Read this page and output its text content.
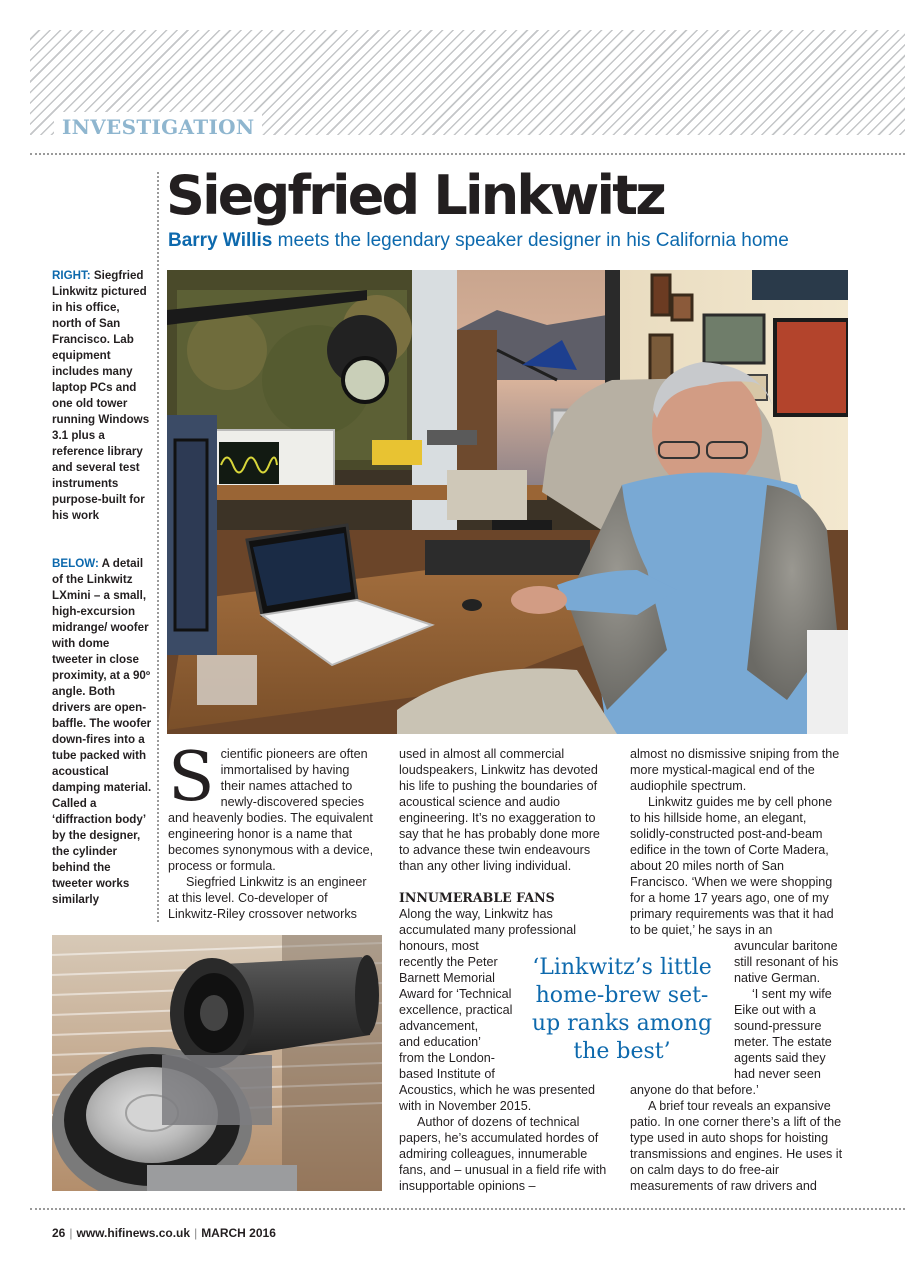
INVESTIGATION
Siegfried Linkwitz
Barry Willis meets the legendary speaker designer in his California home
RIGHT: Siegfried Linkwitz pictured in his office, north of San Francisco. Lab equipment includes many laptop PCs and one old tower running Windows 3.1 plus a reference library and several test instruments purpose-built for his work
BELOW: A detail of the Linkwitz LXmini – a small, high-excursion midrange/ woofer with dome tweeter in close proximity, at a 90º angle. Both drivers are open-baffle. The woofer down-fires into a tube packed with acoustical damping material. Called a ‘diffraction body’ by the designer, the cylinder behind the tweeter works similarly
S cientific pioneers are often immortalised by having their names attached to newly-discovered species and heavenly bodies. The equivalent engineering honor is a name that becomes synonymous with a device, process or formula.

Siegfried Linkwitz is an engineer at this level. Co-developer of Linkwitz-Riley crossover networks

used in almost all commercial loudspeakers, Linkwitz has devoted his life to pushing the boundaries of acoustical science and audio engineering. It’s no exaggeration to say that he has probably done more to advance these twin endeavours than any other living individual.

INNUMERABLE FANS

Along the way, Linkwitz has accumulated many professional

honours, most
recently the Peter
Barnett Memorial
Award for ‘Technical
excellence, practical
advancement,
and education’
from the London-
based Institute of

Acoustics, which he was presented with in November 2015.

Author of dozens of technical papers, he’s accumulated hordes of admiring colleagues, innumerable fans, and – unusual in a field rife with insupportable opinions –

almost no dismissive sniping from the more mystical-magical end of the audiophile spectrum.

Linkwitz guides me by cell phone to his hillside home, an elegant, solidly-constructed post-and-beam edifice in the town of Corte Madera, about 20 miles north of San Francisco. ‘When we were shopping for a home 17 years ago, one of my primary requirements was that it had to be quiet,’ he says in an

avuncular baritone
still resonant of his
native German.
‘I sent my wife
Eike out with a
sound-pressure
meter. The estate
agents said they
had never seen

anyone do that before.’

A brief tour reveals an expansive patio. In one corner there’s a lift of the type used in auto shops for hoisting transmissions and engines. He uses it on calm days to do free-air measurements of raw drivers and

‘Linkwitz’s little home-brew set-up ranks among the best’
26 | www.hifinews.co.uk | MARCH 2016
